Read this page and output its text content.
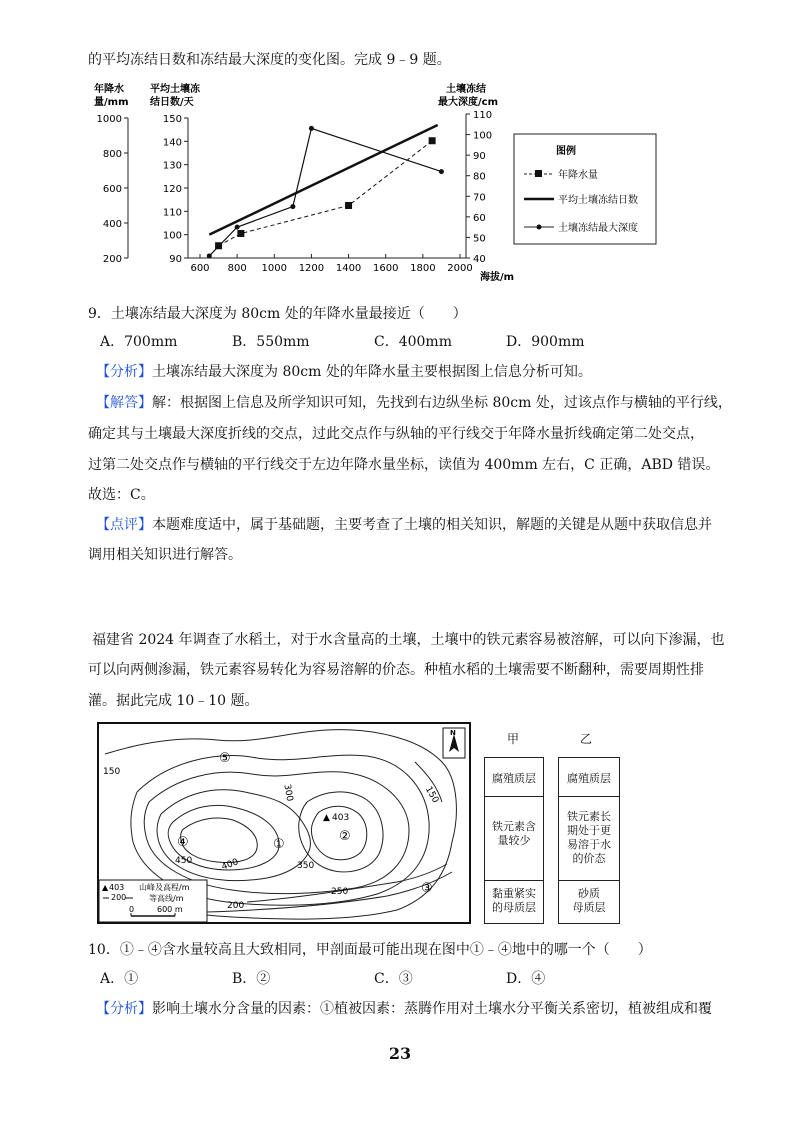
的平均冻结日数和冻结最大深度的变化图。完成 9﹣9 题。
年降水
量/mm
平均土壤冻
结日数/天
土壤冻结
最大深度/cm
海拔/m
200
400
600
800
1000
90
100
110
120
130
140
150
40
50
60
70
80
90
100
110
600 800 1000 1200 1400 1600 1800 2000
图例
年降水量
平均土壤冻结日数
土壤冻结最大深度
9．土壤冻结最大深度为 80cm 处的年降水量最接近（　　）
A．700mm	B．550mm	C．400mm	D．900mm
【分析】土壤冻结最大深度为 80cm 处的年降水量主要根据图上信息分析可知。
【解答】解：根据图上信息及所学知识可知，先找到右边纵坐标 80cm 处，过该点作与横轴的平行线，
确定其与土壤最大深度折线的交点，过此交点作与纵轴的平行线交于年降水量折线确定第二处交点，
过第二处交点作与横轴的平行线交于左边年降水量坐标，读值为 400mm 左右，C 正确，ABD 错误。
故选：C。
【点评】本题难度适中，属于基础题，主要考查了土壤的相关知识，解题的关键是从题中获取信息并
调用相关知识进行解答。
福建省 2024 年调查了水稻土，对于水含量高的土壤，土壤中的铁元素容易被溶解，可以向下渗漏，也
可以向两侧渗漏，铁元素容易转化为容易溶解的价态。种植水稻的土壤需要不断翻种，需要周期性排
灌。据此完成 10﹣10 题。
N
150
300	150
450	400	350
250
200
▲ 403
⑤
④	①
②
③
▲ 403 山峰及高程/m
200	等高线/m
0	600 m
甲
腐殖质层
铁元素含
量较少
黏重紧实
的母质层
乙
腐殖质层
铁元素长
期处于更
易溶于水
的价态
砂质
母质层
10．①﹣④含水量较高且大致相同，甲剖面最可能出现在图中①﹣④地中的哪一个（　　）
A．①	B．②	C．③	D．④
【分析】影响土壤水分含量的因素：①植被因素：蒸腾作用对土壤水分平衡关系密切，植被组成和覆
23
